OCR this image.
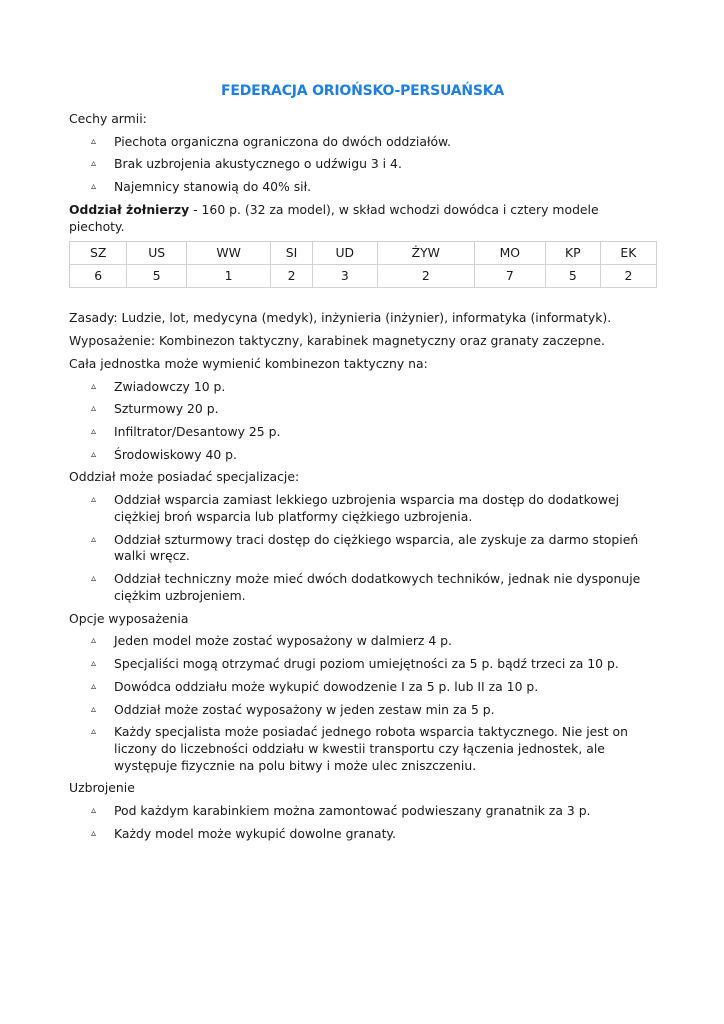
FEDERACJA ORIOŃSKO-PERSUAŃSKA

Cechy armii:

▵ Piechota organiczna ograniczona do dwóch oddziałów.
▵ Brak uzbrojenia akustycznego o udźwigu 3 i 4.
▵ Najemnicy stanowią do 40% sił.

Oddział żołnierzy - 160 p. (32 za model), w skład wchodzi dowódca i cztery modele piechoty.

SZ	US	WW	SI	UD	ŻYW	MO	KP	EK
6	5	1	2	3	2	7	5	2

Zasady: Ludzie, lot, medycyna (medyk), inżynieria (inżynier), informatyka (informatyk).

Wyposażenie: Kombinezon taktyczny, karabinek magnetyczny oraz granaty zaczepne.

Cała jednostka może wymienić kombinezon taktyczny na:

▵ Zwiadowczy 10 p.
▵ Szturmowy 20 p.
▵ Infiltrator/Desantowy 25 p.
▵ Środowiskowy 40 p.

Oddział może posiadać specjalizacje:

▵ Oddział wsparcia zamiast lekkiego uzbrojenia wsparcia ma dostęp do dodatkowej ciężkiej broń wsparcia lub platformy ciężkiego uzbrojenia.
▵ Oddział szturmowy traci dostęp do ciężkiego wsparcia, ale zyskuje za darmo stopień walki wręcz.
▵ Oddział techniczny może mieć dwóch dodatkowych techników, jednak nie dysponuje ciężkim uzbrojeniem.

Opcje wyposażenia

▵ Jeden model może zostać wyposażony w dalmierz 4 p.
▵ Specjaliści mogą otrzymać drugi poziom umiejętności za 5 p. bądź trzeci za 10 p.
▵ Dowódca oddziału może wykupić dowodzenie I za 5 p. lub II za 10 p.
▵ Oddział może zostać wyposażony w jeden zestaw min za 5 p.
▵ Każdy specjalista może posiadać jednego robota wsparcia taktycznego. Nie jest on liczony do liczebności oddziału w kwestii transportu czy łączenia jednostek, ale występuje fizycznie na polu bitwy i może ulec zniszczeniu.

Uzbrojenie

▵ Pod każdym karabinkiem można zamontować podwieszany granatnik za 3 p.
▵ Każdy model może wykupić dowolne granaty.
